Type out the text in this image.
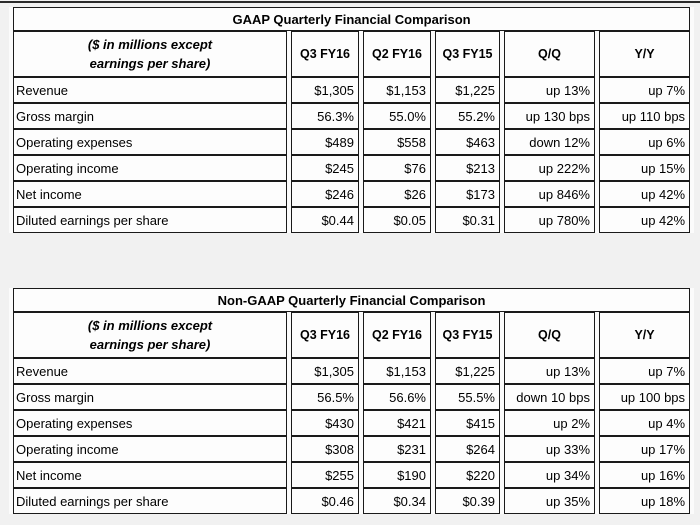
GAAP Quarterly Financial Comparison					

($ in millions except
earnings per share)	Q3 FY16	Q2 FY16	Q3 FY15	Q/Q	Y/Y
Revenue	$1,305	$1,153	$1,225	up 13%	up 7%
Gross margin	56.3%	55.0%	55.2%	up 130 bps	up 110 bps
Operating expenses	$489	$558	$463	down 12%	up 6%
Operating income	$245	$76	$213	up 222%	up 15%
Net income	$246	$26	$173	up 846%	up 42%
Diluted earnings per share	$0.44	$0.05	$0.31	up 780%	up 42%
Non-GAAP Quarterly Financial Comparison					

($ in millions except
earnings per share)	Q3 FY16	Q2 FY16	Q3 FY15	Q/Q	Y/Y
Revenue	$1,305	$1,153	$1,225	up 13%	up 7%
Gross margin	56.5%	56.6%	55.5%	down 10 bps	up 100 bps
Operating expenses	$430	$421	$415	up 2%	up 4%
Operating income	$308	$231	$264	up 33%	up 17%
Net income	$255	$190	$220	up 34%	up 16%
Diluted earnings per share	$0.46	$0.34	$0.39	up 35%	up 18%
